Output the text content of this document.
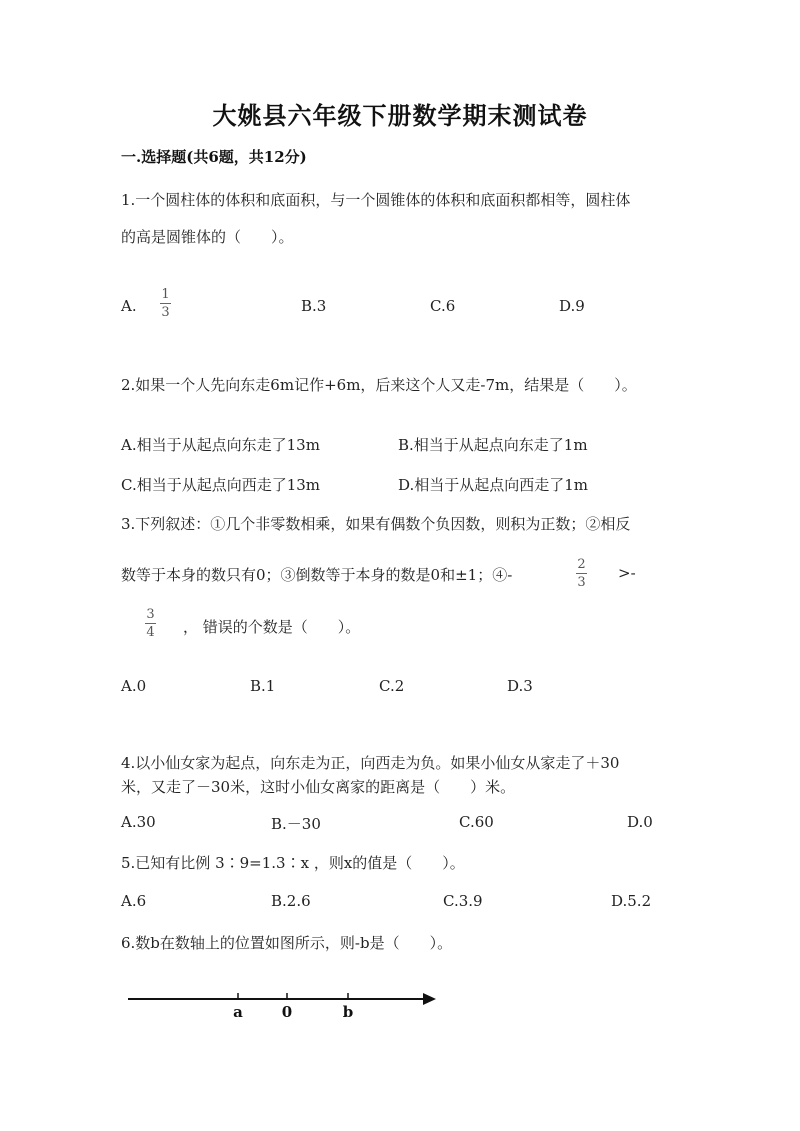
大姚县六年级下册数学期末测试卷
一.选择题(共6题，共12分)
1.一个圆柱体的体积和底面积，与一个圆锥体的体积和底面积都相等，圆柱体
的高是圆锥体的（　　）。
A.
1
3	B.3	C.6	D.9
2.如果一个人先向东走6m记作+6m，后来这个人又走-7m，结果是（　　）。
A.相当于从起点向东走了13m	B.相当于从起点向东走了1m
C.相当于从起点向西走了13m	D.相当于从起点向西走了1m
3.下列叙述：①几个非零数相乘，如果有偶数个负因数，则积为正数；②相反
数等于本身的数只有0；③倒数等于本身的数是0和±1；④-
2
3
>-
3
4 ， 错误的个数是（　　）。
A.0	B.1	C.2	D.3
4.以小仙女家为起点，向东走为正，向西走为负。如果小仙女从家走了＋30
米，又走了－30米，这时小仙女离家的距离是（　　）米。
A.30	B.－30	C.60	D.0
5.已知有比例 3∶9=1.3∶x ，则x的值是（　　）。
A.6	B.2.6	C.3.9	D.5.2
6.数b在数轴上的位置如图所示，则-b是（　　）。
a	0	b
